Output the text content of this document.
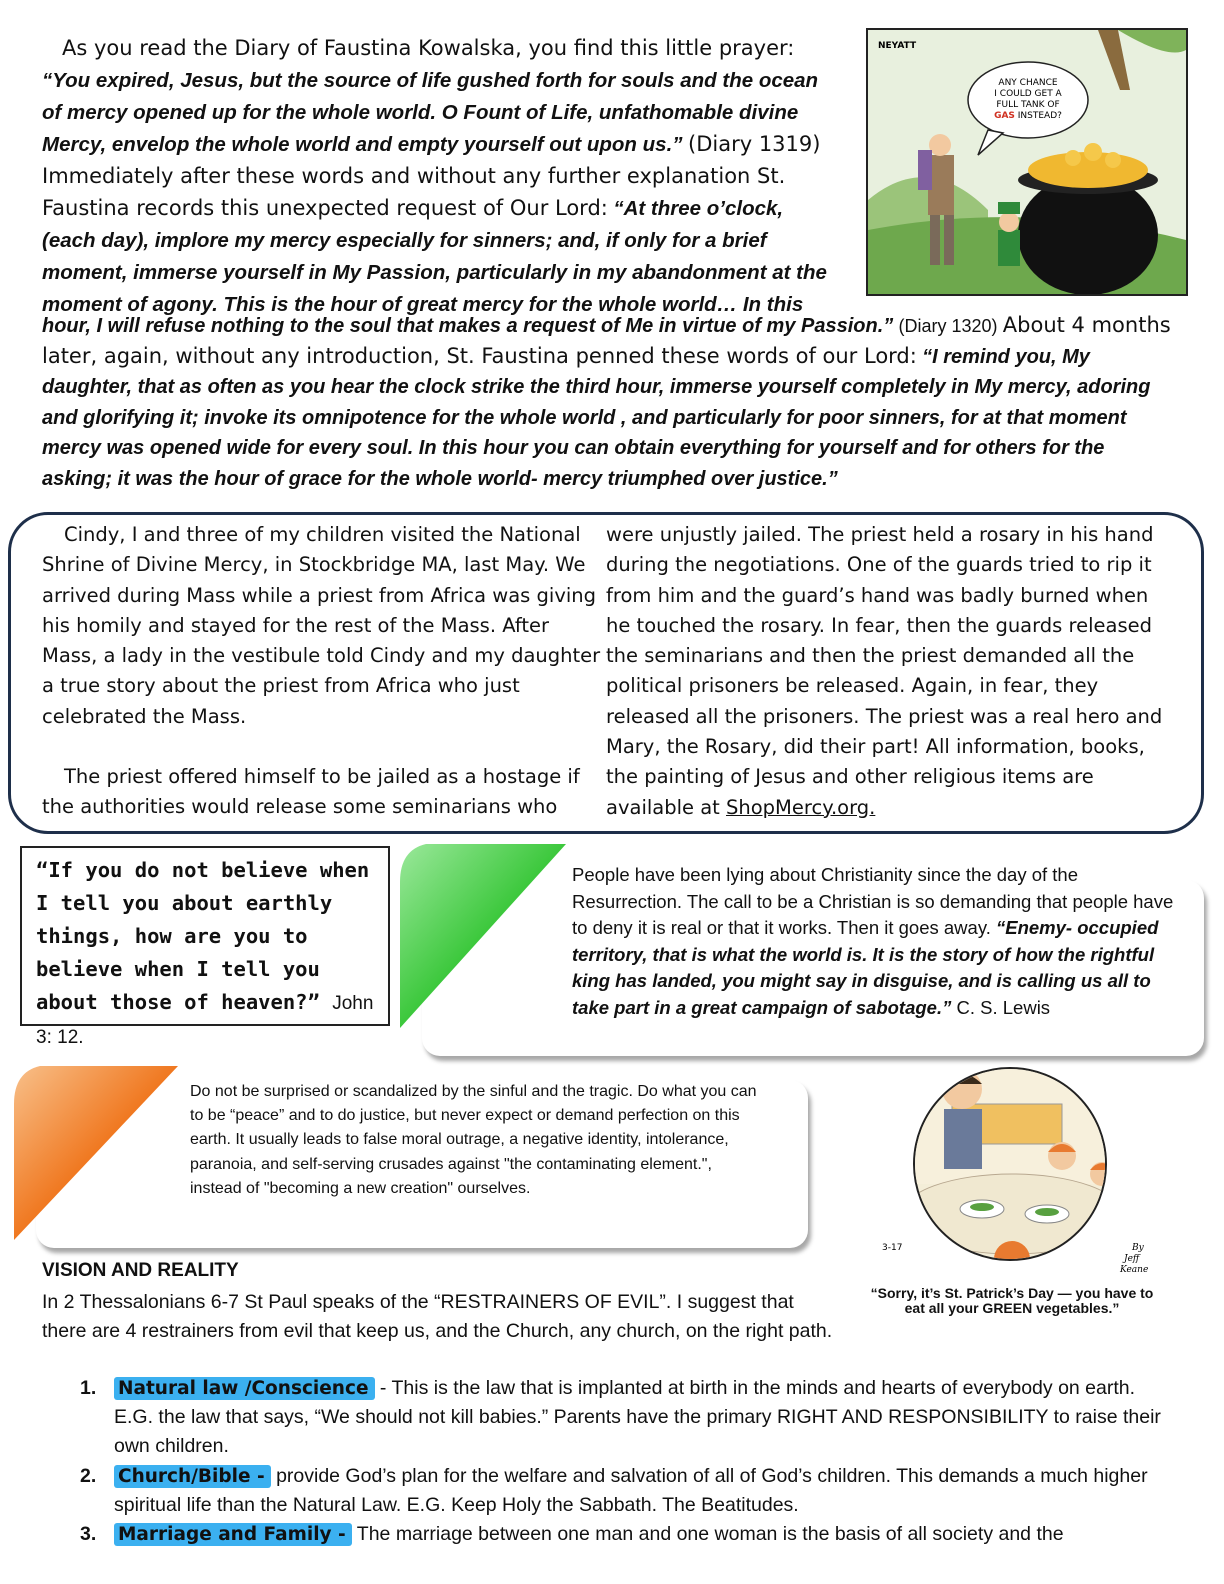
As you read the Diary of Faustina Kowalska, you find this little prayer: “You expired, Jesus, but the source of life gushed forth for souls and the ocean of mercy opened up for the whole world. O Fount of Life, unfathomable divine Mercy, envelop the whole world and empty yourself out upon us.” (Diary 1319) Immediately after these words and without any further explanation St. Faustina records this unexpected request of Our Lord: “At three o’clock, (each day), implore my mercy especially for sinners; and, if only for a brief moment, immerse yourself in My Passion, particularly in my abandonment at the moment of agony. This is the hour of great mercy for the whole world… In this
hour, I will refuse nothing to the soul that makes a request of Me in virtue of my Passion.” (Diary 1320) About 4 months later, again, without any introduction, St. Faustina penned these words of our Lord: “I remind you, My daughter, that as often as you hear the clock strike the third hour, immerse yourself completely in My mercy, adoring and glorifying it; invoke its omnipotence for the whole world , and particularly for poor sinners, for at that moment mercy was opened wide for every soul. In this hour you can obtain everything for yourself and for others for the asking; it was the hour of grace for the whole world- mercy triumphed over justice.”
ANY CHANCE
I COULD GET A
FULL TANK OF
GAS INSTEAD?
NEYATT

Cindy, I and three of my children visited the National Shrine of Divine Mercy, in Stockbridge MA, last May. We arrived during Mass while a priest from Africa was giving his homily and stayed for the rest of the Mass. After Mass, a lady in the vestibule told Cindy and my daughter a true story about the priest from Africa who just celebrated the Mass.

The priest offered himself to be jailed as a hostage if the authorities would release some seminarians who

were unjustly jailed. The priest held a rosary in his hand during the negotiations. One of the guards tried to rip it from him and the guard’s hand was badly burned when he touched the rosary. In fear, then the guards released the seminarians and then the priest demanded all the political prisoners be released. Again, in fear, they released all the prisoners. The priest was a real hero and Mary, the Rosary, did their part! All information, books, the painting of Jesus and other religious items are available at ShopMercy.org.

“If you do not believe when I tell you about earthly things, how are you to believe when I tell you about those of heaven?” John 3: 12.
People have been lying about Christianity since the day of the Resurrection. The call to be a Christian is so demanding that people have to deny it is real or that it works. Then it goes away. “Enemy- occupied territory, that is what the world is. It is the story of how the rightful king has landed, you might say in disguise, and is calling us all to take part in a great campaign of sabotage.” C. S. Lewis
Do not be surprised or scandalized by the sinful and the tragic. Do what you can to be “peace” and to do justice, but never expect or demand perfection on this earth. It usually leads to false moral outrage, a negative identity, intolerance, paranoia, and self-serving crusades against "the contaminating element.", instead of "becoming a new creation" ourselves.
3-17	By
Jeff
Keane
“Sorry, it’s St. Patrick’s Day — you have to eat all your GREEN vegetables.”
VISION AND REALITY
In 2 Thessalonians 6-7 St Paul speaks of the “RESTRAINERS OF EVIL”. I suggest that there are 4 restrainers from evil that keep us, and the Church, any church, on the right path.
1. Natural law /Conscience - This is the law that is implanted at birth in the minds and hearts of everybody on earth. E.G. the law that says, “We should not kill babies.” Parents have the primary RIGHT AND RESPONSIBILITY to raise their own children.
2. Church/Bible - provide God’s plan for the welfare and salvation of all of God’s children. This demands a much higher spiritual life than the Natural Law. E.G. Keep Holy the Sabbath. The Beatitudes.
3. Marriage and Family - The marriage between one man and one woman is the basis of all society and the
